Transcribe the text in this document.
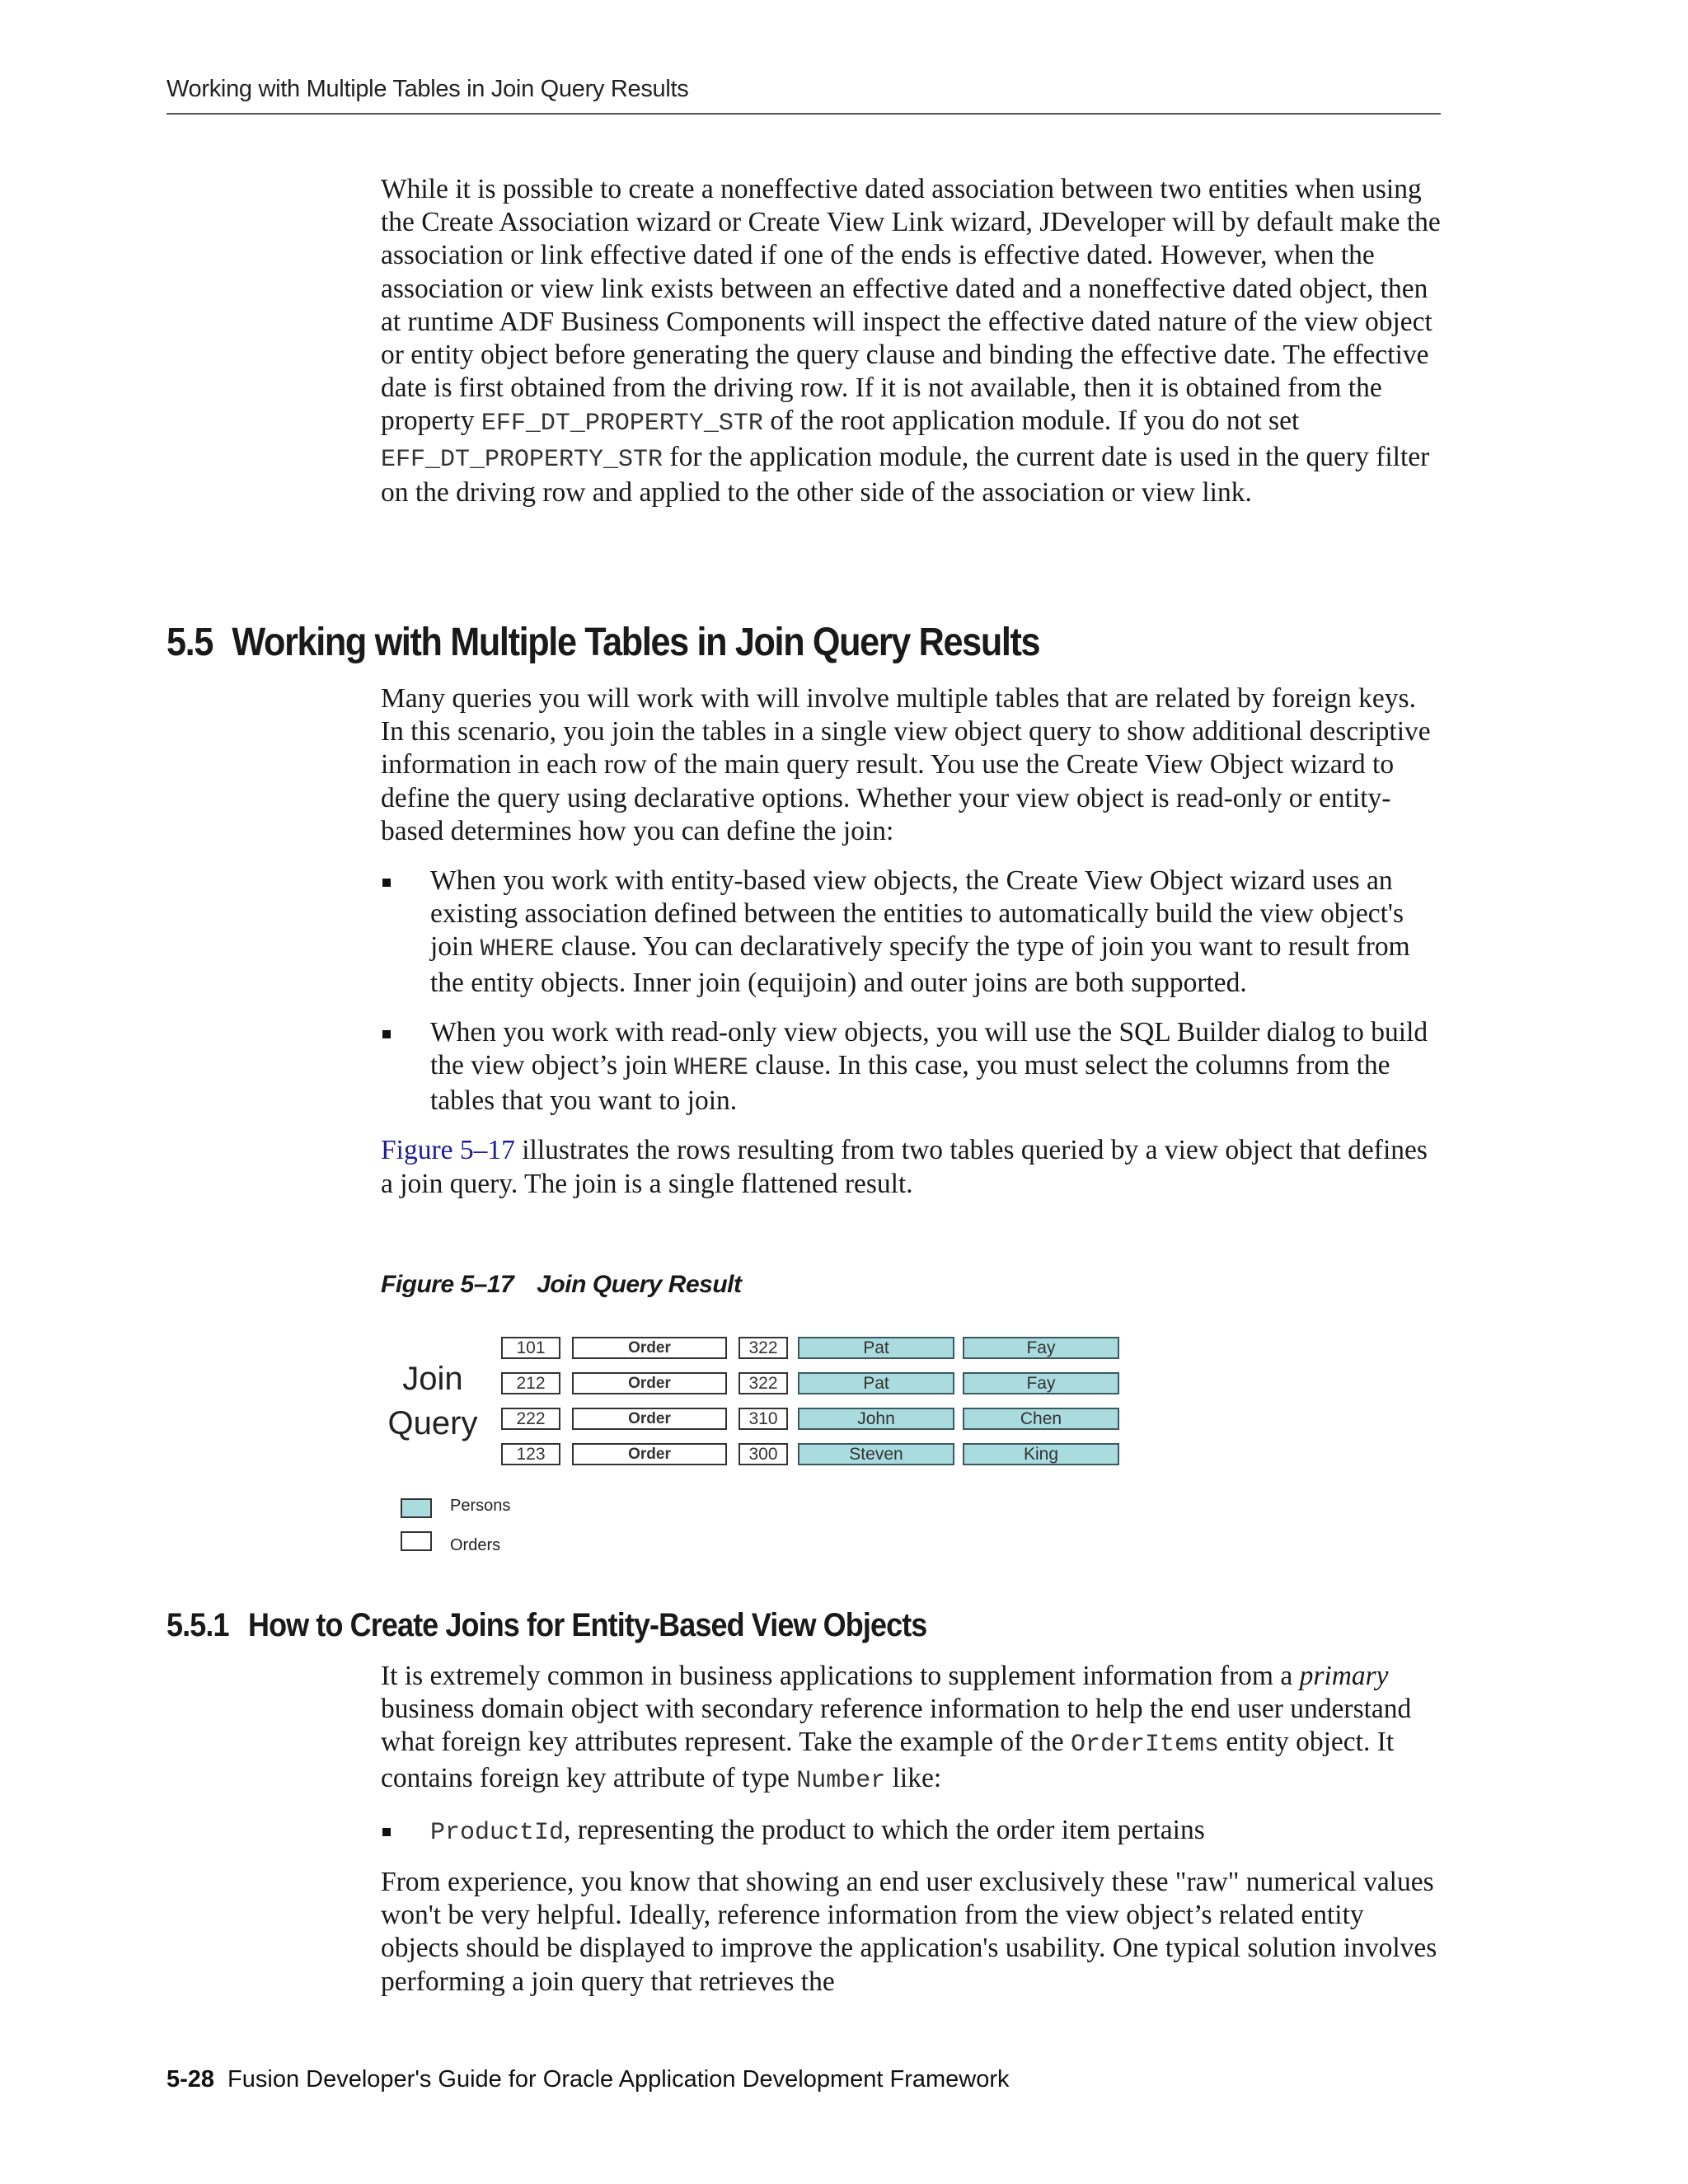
Working with Multiple Tables in Join Query Results

While it is possible to create a noneffective dated association between two entities when using the Create Association wizard or Create View Link wizard, JDeveloper will by default make the association or link effective dated if one of the ends is effective dated. However, when the association or view link exists between an effective dated and a noneffective dated object, then at runtime ADF Business Components will inspect the effective dated nature of the view object or entity object before generating the query clause and binding the effective date. The effective date is first obtained from the driving row. If it is not available, then it is obtained from the property EFF_DT_PROPERTY_STR of the root application module. If you do not set EFF_DT_PROPERTY_STR for the application module, the current date is used in the query filter on the driving row and applied to the other side of the association or view link.

5.5 Working with Multiple Tables in Join Query Results

Many queries you will work with will involve multiple tables that are related by foreign keys. In this scenario, you join the tables in a single view object query to show additional descriptive information in each row of the main query result. You use the Create View Object wizard to define the query using declarative options. Whether your view object is read-only or entity-based determines how you can define the join:

When you work with entity-based view objects, the Create View Object wizard uses an existing association defined between the entities to automatically build the view object's join WHERE clause. You can declaratively specify the type of join you want to result from the entity objects. Inner join (equijoin) and outer joins are both supported.
When you work with read-only view objects, you will use the SQL Builder dialog to build the view object’s join WHERE clause. In this case, you must select the columns from the tables that you want to join.

Figure 5–17 illustrates the rows resulting from two tables queried by a view object that defines a join query. The join is a single flattened result.

Figure 5–17 Join Query Result

Join
Query
101	Order	322	Pat	Fay
212	Order	322	Pat	Fay
222	Order	310	John	Chen
123	Order	300	Steven	King
Persons
Orders
5.5.1 How to Create Joins for Entity-Based View Objects

It is extremely common in business applications to supplement information from a primary business domain object with secondary reference information to help the end user understand what foreign key attributes represent. Take the example of the OrderItems entity object. It contains foreign key attribute of type Number like:

ProductId, representing the product to which the order item pertains

From experience, you know that showing an end user exclusively these "raw" numerical values won't be very helpful. Ideally, reference information from the view object’s related entity objects should be displayed to improve the application's usability. One typical solution involves performing a join query that retrieves the

5-28 Fusion Developer's Guide for Oracle Application Development Framework
